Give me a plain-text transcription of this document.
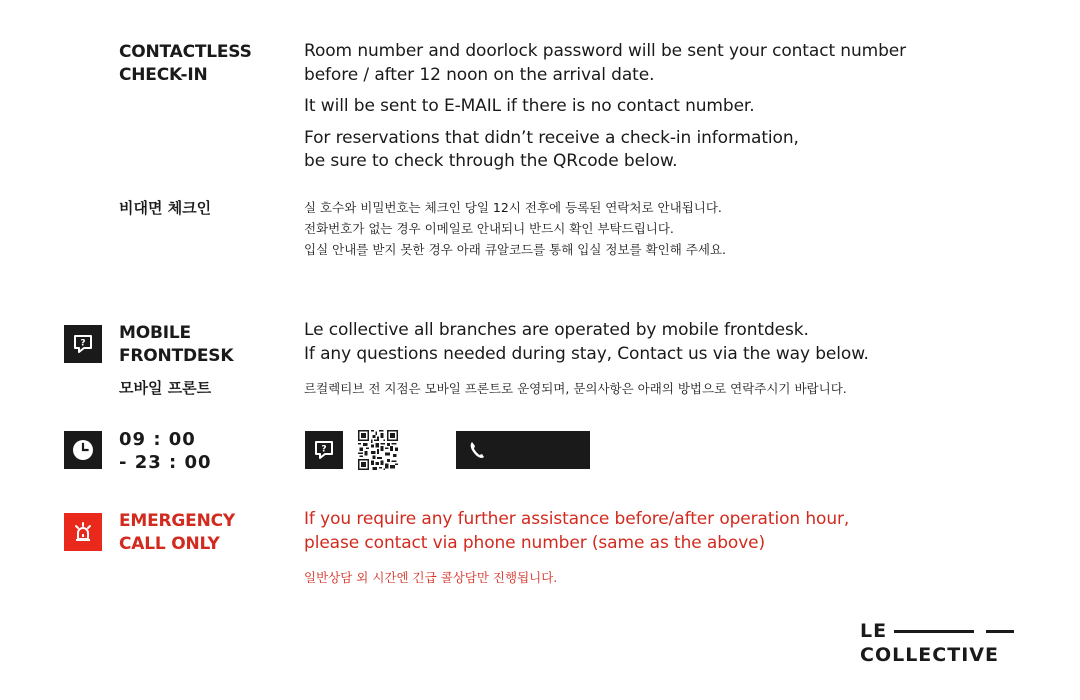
CONTACTLESS
CHECK-IN
Room number and doorlock password will be sent your contact number
before / after 12 noon on the arrival date.
It will be sent to E-MAIL if there is no contact number.
For reservations that didn’t receive a check-in information,
be sure to check through the QRcode below.
비대면 체크인	실 호수와 비밀번호는 체크인 당일 12시 전후에 등록된 연락처로 안내됩니다.
전화번호가 없는 경우 이메일로 안내되니 반드시 확인 부탁드립니다.
입실 안내를 받지 못한 경우 아래 큐알코드를 통해 입실 정보를 확인해 주세요.
?
MOBILE
FRONTDESK
Le collective all branches are operated by mobile frontdesk.
If any questions needed during stay, Contact us via the way below.
모바일 프론트	르컬렉티브 전 지점은 모바일 프론트로 운영되며, 문의사항은 아래의 방법으로 연락주시기 바랍니다.
09 : 00
- 23 : 00
?

1644-

7694

EMERGENCY
CALL ONLY
If you require any further assistance before/after operation hour,
please contact via phone number (same as the above)
일반상담 외 시간엔 긴급 콜상담만 진행됩니다.
LE
COLLECTIVE
